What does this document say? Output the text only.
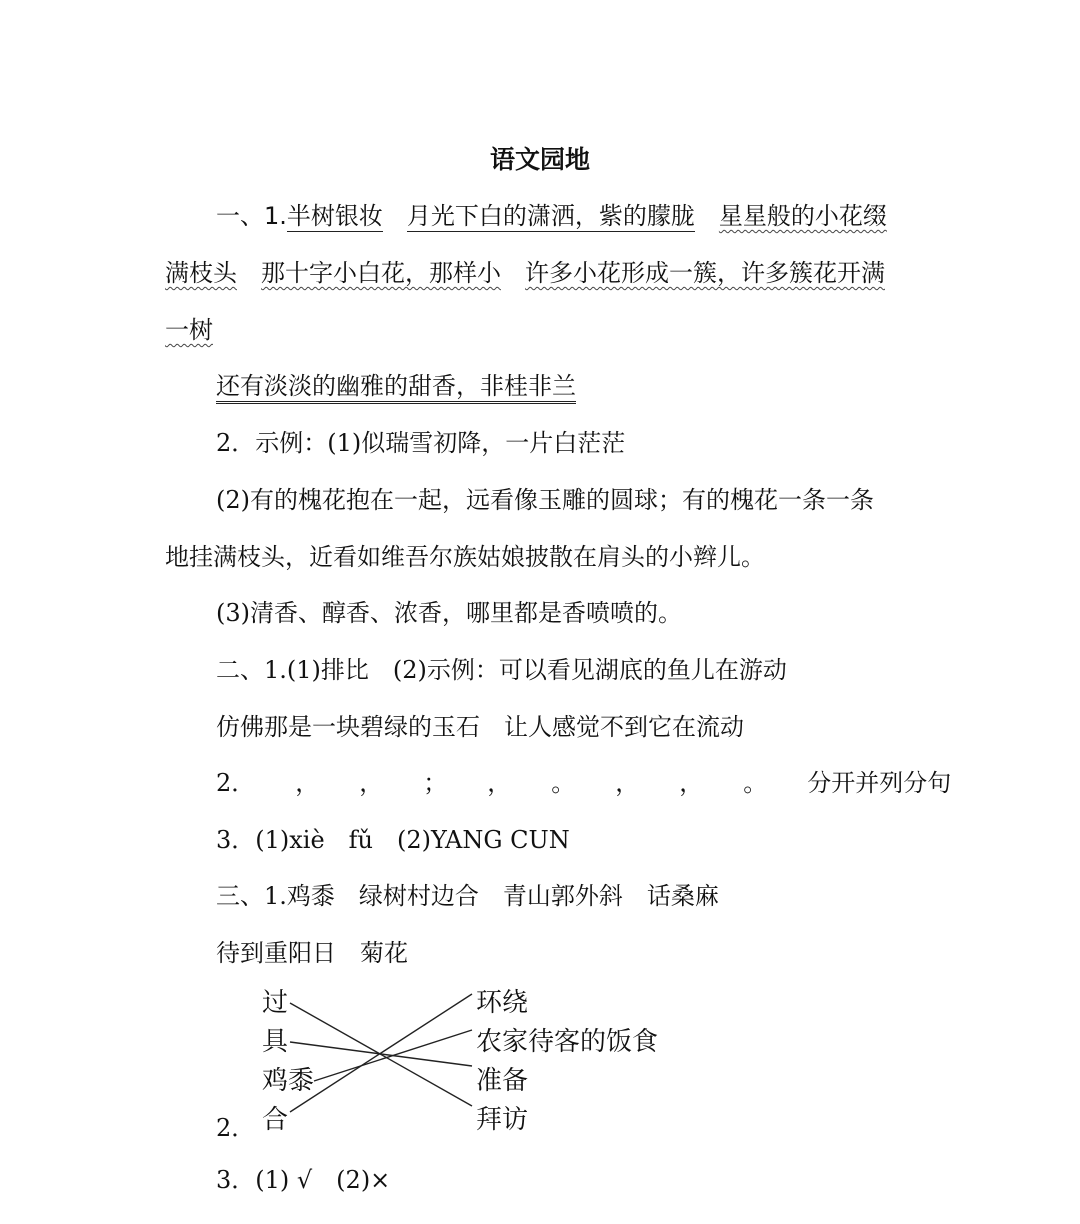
语文园地
一、1.半树银妆 月光下白的潇洒，紫的朦胧 星星般的小花缀
满枝头 那十字小白花，那样小 许多小花形成一簇，许多簇花开满
一树
还有淡淡的幽雅的甜香，非桂非兰
2．示例：(1)似瑞雪初降，一片白茫茫
(2)有的槐花抱在一起，远看像玉雕的圆球；有的槐花一条一条
地挂满枝头，近看如维吾尔族姑娘披散在肩头的小辫儿。
(3)清香、醇香、浓香，哪里都是香喷喷的。
二、1.(1)排比　(2)示例：可以看见湖底的鱼儿在游动
仿佛那是一块碧绿的玉石　让人感觉不到它在流动
2． ， ， ； ， 。 ， ， 。 分开并列分句
3．(1)xiè　fǔ　(2)YANG CUN
三、1.鸡黍　绿树村边合　青山郭外斜　话桑麻
待到重阳日　菊花
过
具
鸡黍
合
环绕
农家待客的饭食
准备
拜访
2．
3．(1) √　(2)×
